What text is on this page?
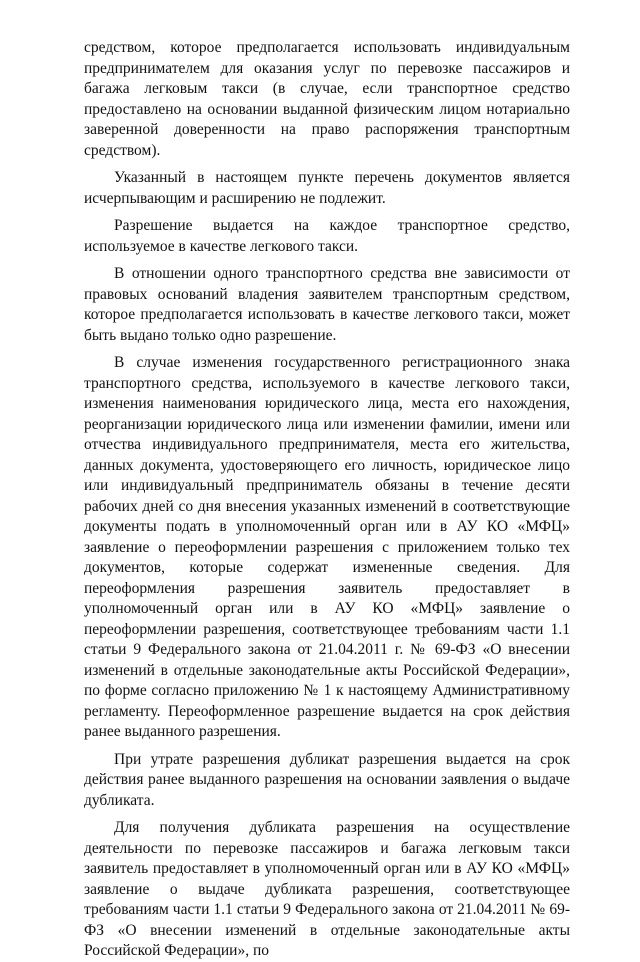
средством, которое предполагается использовать индивидуальным предпринимателем для оказания услуг по перевозке пассажиров и багажа легковым такси (в случае, если транспортное средство предоставлено на основании выданной физическим лицом нотариально заверенной доверенности на право распоряжения транспортным средством).

Указанный в настоящем пункте перечень документов является исчерпывающим и расширению не подлежит.

Разрешение выдается на каждое транспортное средство, используемое в качестве легкового такси.

В отношении одного транспортного средства вне зависимости от правовых оснований владения заявителем транспортным средством, которое предполагается использовать в качестве легкового такси, может быть выдано только одно разрешение.

В случае изменения государственного регистрационного знака транспортного средства, используемого в качестве легкового такси, изменения наименования юридического лица, места его нахождения, реорганизации юридического лица или изменении фамилии, имени или отчества индивидуального предпринимателя, места его жительства, данных документа, удостоверяющего его личность, юридическое лицо или индивидуальный предприниматель обязаны в течение десяти рабочих дней со дня внесения указанных изменений в соответствующие документы подать в уполномоченный орган или в АУ КО «МФЦ» заявление о переоформлении разрешения с приложением только тех документов, которые содержат измененные сведения. Для переоформления разрешения заявитель предоставляет в уполномоченный орган или в АУ КО «МФЦ» заявление о переоформлении разрешения, соответствующее требованиям части 1.1 статьи 9 Федерального закона от 21.04.2011 г. № 69-ФЗ «О внесении изменений в отдельные законодательные акты Российской Федерации», по форме согласно приложению № 1 к настоящему Административному регламенту. Переоформленное разрешение выдается на срок действия ранее выданного разрешения.

При утрате разрешения дубликат разрешения выдается на срок действия ранее выданного разрешения на основании заявления о выдаче дубликата.

Для получения дубликата разрешения на осуществление деятельности по перевозке пассажиров и багажа легковым такси заявитель предоставляет в уполномоченный орган или в АУ КО «МФЦ» заявление о выдаче дубликата разрешения, соответствующее требованиям части 1.1 статьи 9 Федерального закона от 21.04.2011 № 69-ФЗ «О внесении изменений в отдельные законодательные акты Российской Федерации», по
